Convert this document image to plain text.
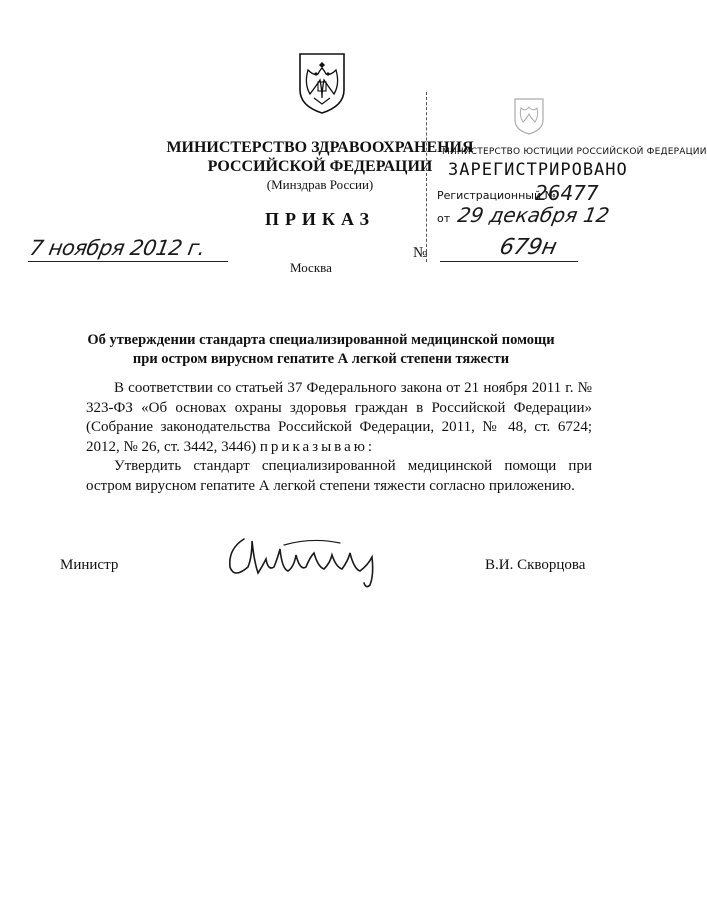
МИНИСТЕРСТВО ЗДРАВООХРАНЕНИЯ
РОССИЙСКОЙ ФЕДЕРАЦИИ
(Минздрав России)
ПРИКАЗ
7 ноября 2012 г.	№	679н
Москва
МИНИСТЕРСТВО ЮСТИЦИИ РОССИЙСКОЙ ФЕДЕРАЦИИ
ЗАРЕГИСТРИРОВАНО
Регистрационный №
26477
от 29 декабря 12
Об утверждении стандарта специализированной медицинской помощи
при остром вирусном гепатите А легкой степени тяжести

В соответствии со статьей 37 Федерального закона от 21 ноября 2011 г. № 323-ФЗ «Об основах охраны здоровья граждан в Российской Федерации» (Собрание законодательства Российской Федерации, 2011, № 48, ст. 6724; 2012, № 26, ст. 3442, 3446) приказываю:

Утвердить стандарт специализированной медицинской помощи при остром вирусном гепатите А легкой степени тяжести согласно приложению.

Министр	В.И. Скворцова
